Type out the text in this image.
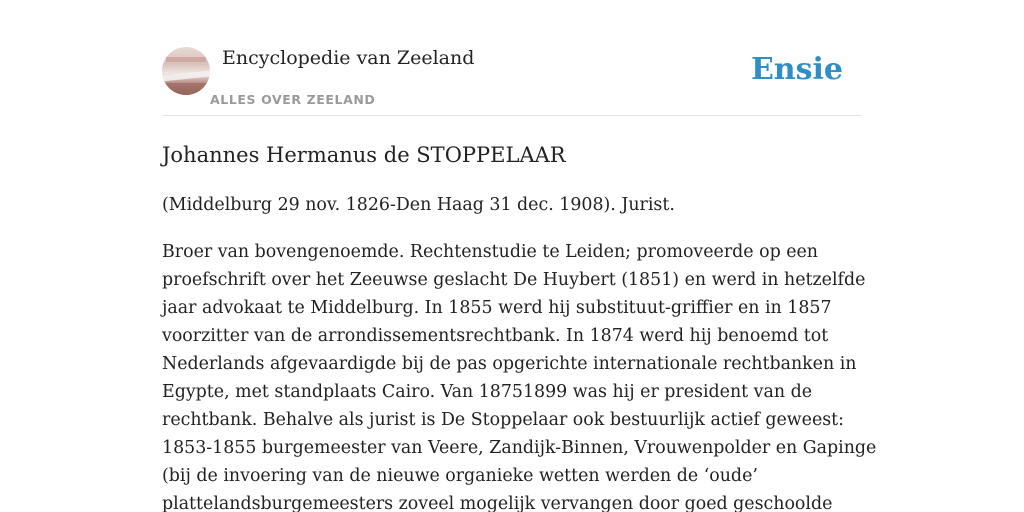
Encyclopedie van Zeeland
ALLES OVER ZEELAND
Ensie
Johannes Hermanus de STOPPELAAR

(Middelburg 29 nov. 1826-Den Haag 31 dec. 1908). Jurist.

Broer van bovengenoemde. Rechtenstudie te Leiden; promoveerde op een
proefschrift over het Zeeuwse geslacht De Huybert (1851) en werd in hetzelfde
jaar advokaat te Middelburg. In 1855 werd hij substituut-griffier en in 1857
voorzitter van de arrondissementsrechtbank. In 1874 werd hij benoemd tot
Nederlands afgevaardigde bij de pas opgerichte internationale rechtbanken in
Egypte, met standplaats Cairo. Van 18751899 was hij er president van de
rechtbank. Behalve als jurist is De Stoppelaar ook bestuurlijk actief geweest:
1853-1855 burgemeester van Veere, Zandijk-Binnen, Vrouwenpolder en Gapinge
(bij de invoering van de nieuwe organieke wetten werden de ‘oude’
plattelandsburgemeesters zoveel mogelijk vervangen door goed geschoolde
